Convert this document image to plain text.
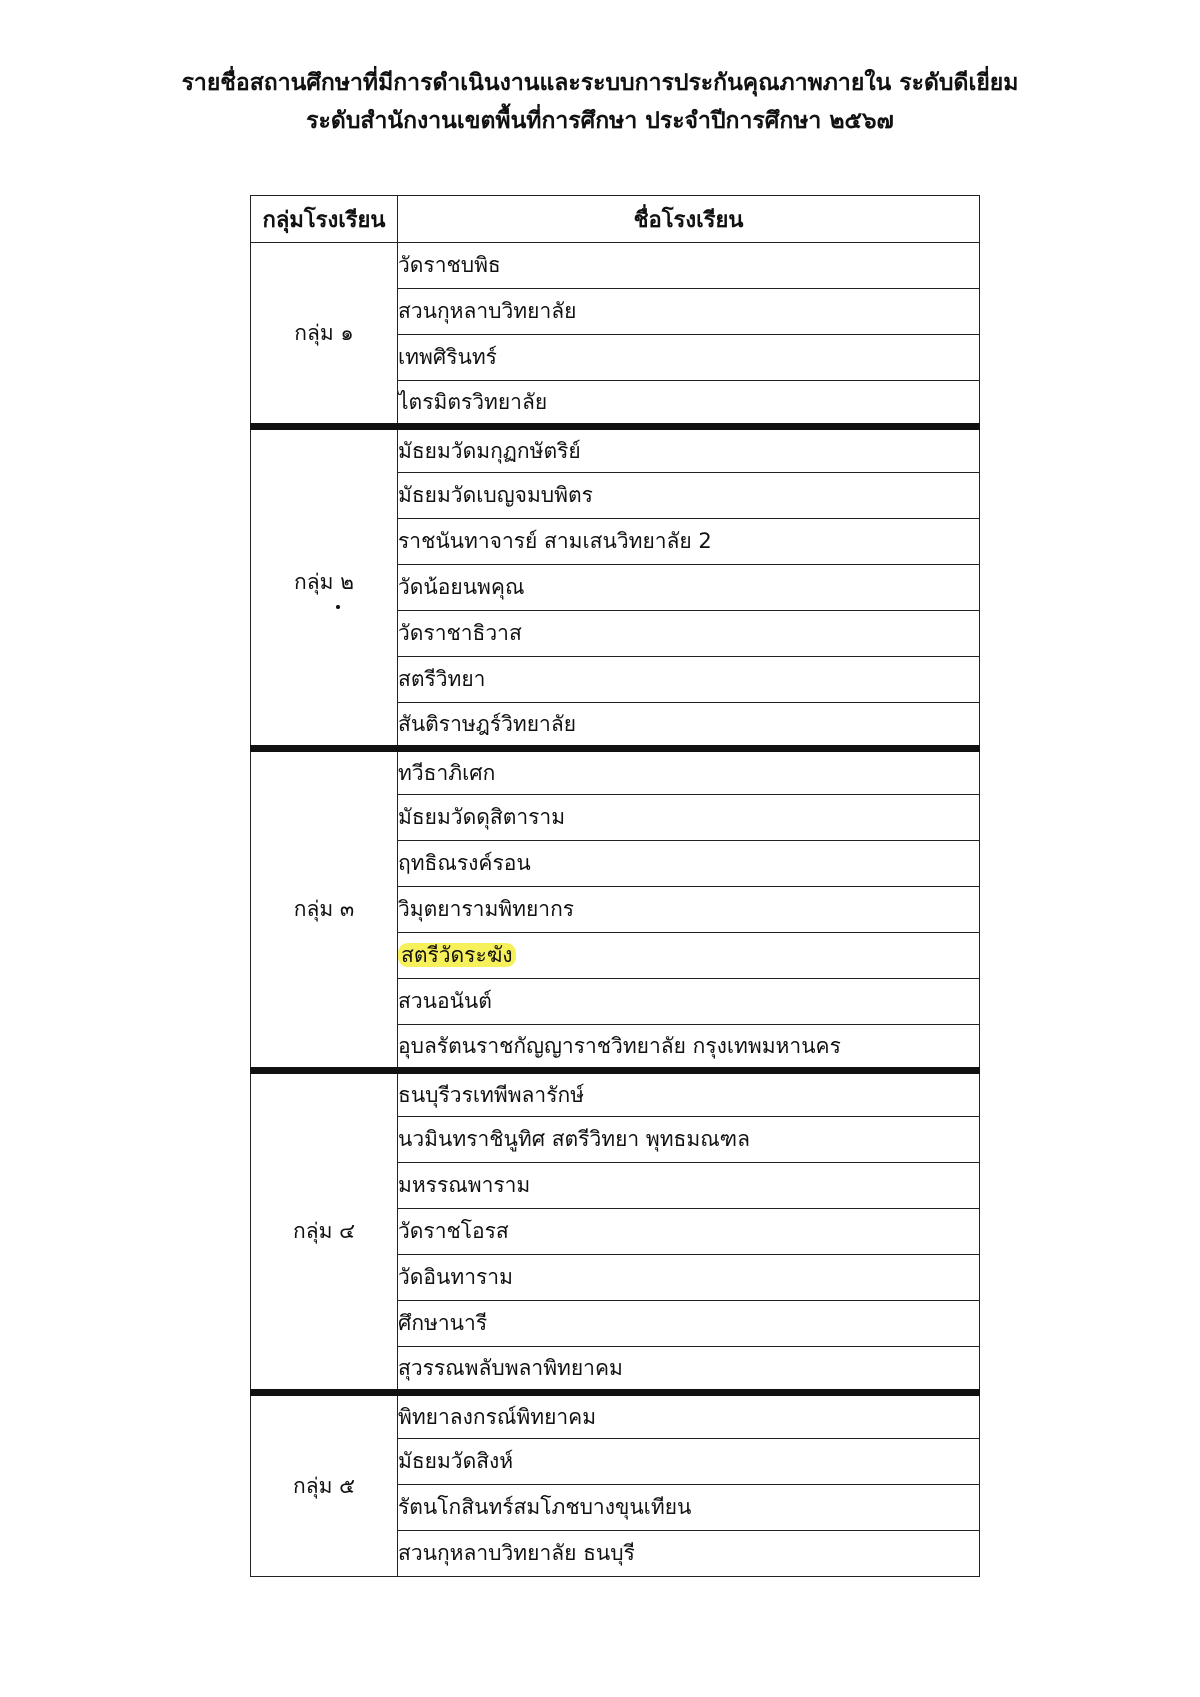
รายชื่อสถานศึกษาที่มีการดำเนินงานและระบบการประกันคุณภาพภายใน ระดับดีเยี่ยม
ระดับสำนักงานเขตพื้นที่การศึกษา ประจำปีการศึกษา ๒๕๖๗
กลุ่มโรงเรียน	ชื่อโรงเรียน
กลุ่ม ๑	วัดราชบพิธ
	สวนกุหลาบวิทยาลัย
	เทพศิรินทร์
	ไตรมิตรวิทยาลัย
กลุ่ม ๒	มัธยมวัดมกุฏกษัตริย์
	มัธยมวัดเบญจมบพิตร
	ราชนันทาจารย์ สามเสนวิทยาลัย 2
	วัดน้อยนพคุณ
	วัดราชาธิวาส
	สตรีวิทยา
	สันติราษฎร์วิทยาลัย
กลุ่ม ๓	ทวีธาภิเศก
	มัธยมวัดดุสิตาราม
	ฤทธิณรงค์รอน
	วิมุตยารามพิทยากร
	สตรีวัดระฆัง
	สวนอนันต์
	อุบลรัตนราชกัญญาราชวิทยาลัย กรุงเทพมหานคร
กลุ่ม ๔	ธนบุรีวรเทพีพลารักษ์
	นวมินทราชินูทิศ สตรีวิทยา พุทธมณฑล
	มหรรณพาราม
	วัดราชโอรส
	วัดอินทาราม
	ศึกษานารี
	สุวรรณพลับพลาพิทยาคม
กลุ่ม ๕	พิทยาลงกรณ์พิทยาคม
	มัธยมวัดสิงห์
	รัตนโกสินทร์สมโภชบางขุนเทียน
	สวนกุหลาบวิทยาลัย ธนบุรี
